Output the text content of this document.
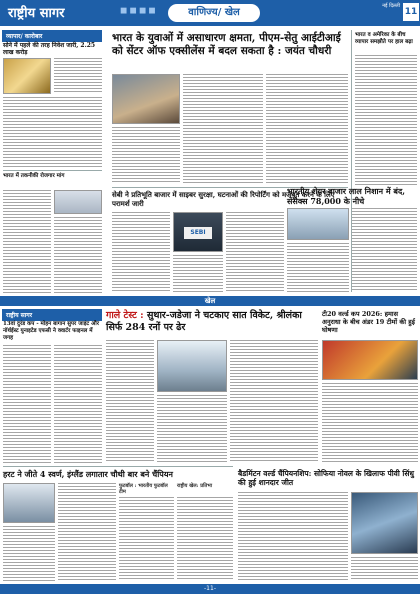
राष्ट्रीय सागर	◼◼◼◼	वाणिज्य/ खेल
नई दिल्ली
11
व्यापार/ कारोबार
सोने में पहले की तरह निवेश जारी, 2.25 लाख करोड़
भारत में तकनीकी रोजगार मांग
भारत के युवाओं में असाधारण क्षमता, पीएम-सेतु आईटीआई को सेंटर ऑफ एक्सीलेंस में बदल सकता है : जयंत चौधरी
भारत व अमेरिका के बीच व्यापार समझौते पर हाल बढ़ा
सेबी ने प्रतिभूति बाजार में साइबर सुरक्षा, घटनाओं की रिपोर्टिंग को मजबूत करने के लिए परामर्श जारी
SEBI
भारतीय शेयर बाजार लाल निशान में बंद, सेंसेक्स 78,000 के नीचे
खेल
राष्ट्रीय सागर
13वां दुरंड कप - मोहन बागान सुपर जाइंट और नॉर्थईस्ट युनाइटेड एफसी ने क्वार्टर फाइनल में जगह
गाले टेस्ट : सुथार-जडेजा ने चटकाए सात विकेट, श्रीलंका सिर्फ 284 रनों पर ढेर
टी20 वर्ल्ड कप 2026: हमास अनुराधा के बीच अंडर 19 टीमों की हुई घोषणा
हरट ने जीते 4 स्वर्ण, इंग्लैंड लगातार चौथी बार बने चैंपियन
फुटबॉल : भारतीय फुटबॉल टीम
राष्ट्रीय खेल: प्रतिभा
बैडमिंटन वर्ल्ड चैंपियनशिप: सोफिया नोवल के खिलाफ पीवी सिंधु की हुई शानदार जीत
-11-
